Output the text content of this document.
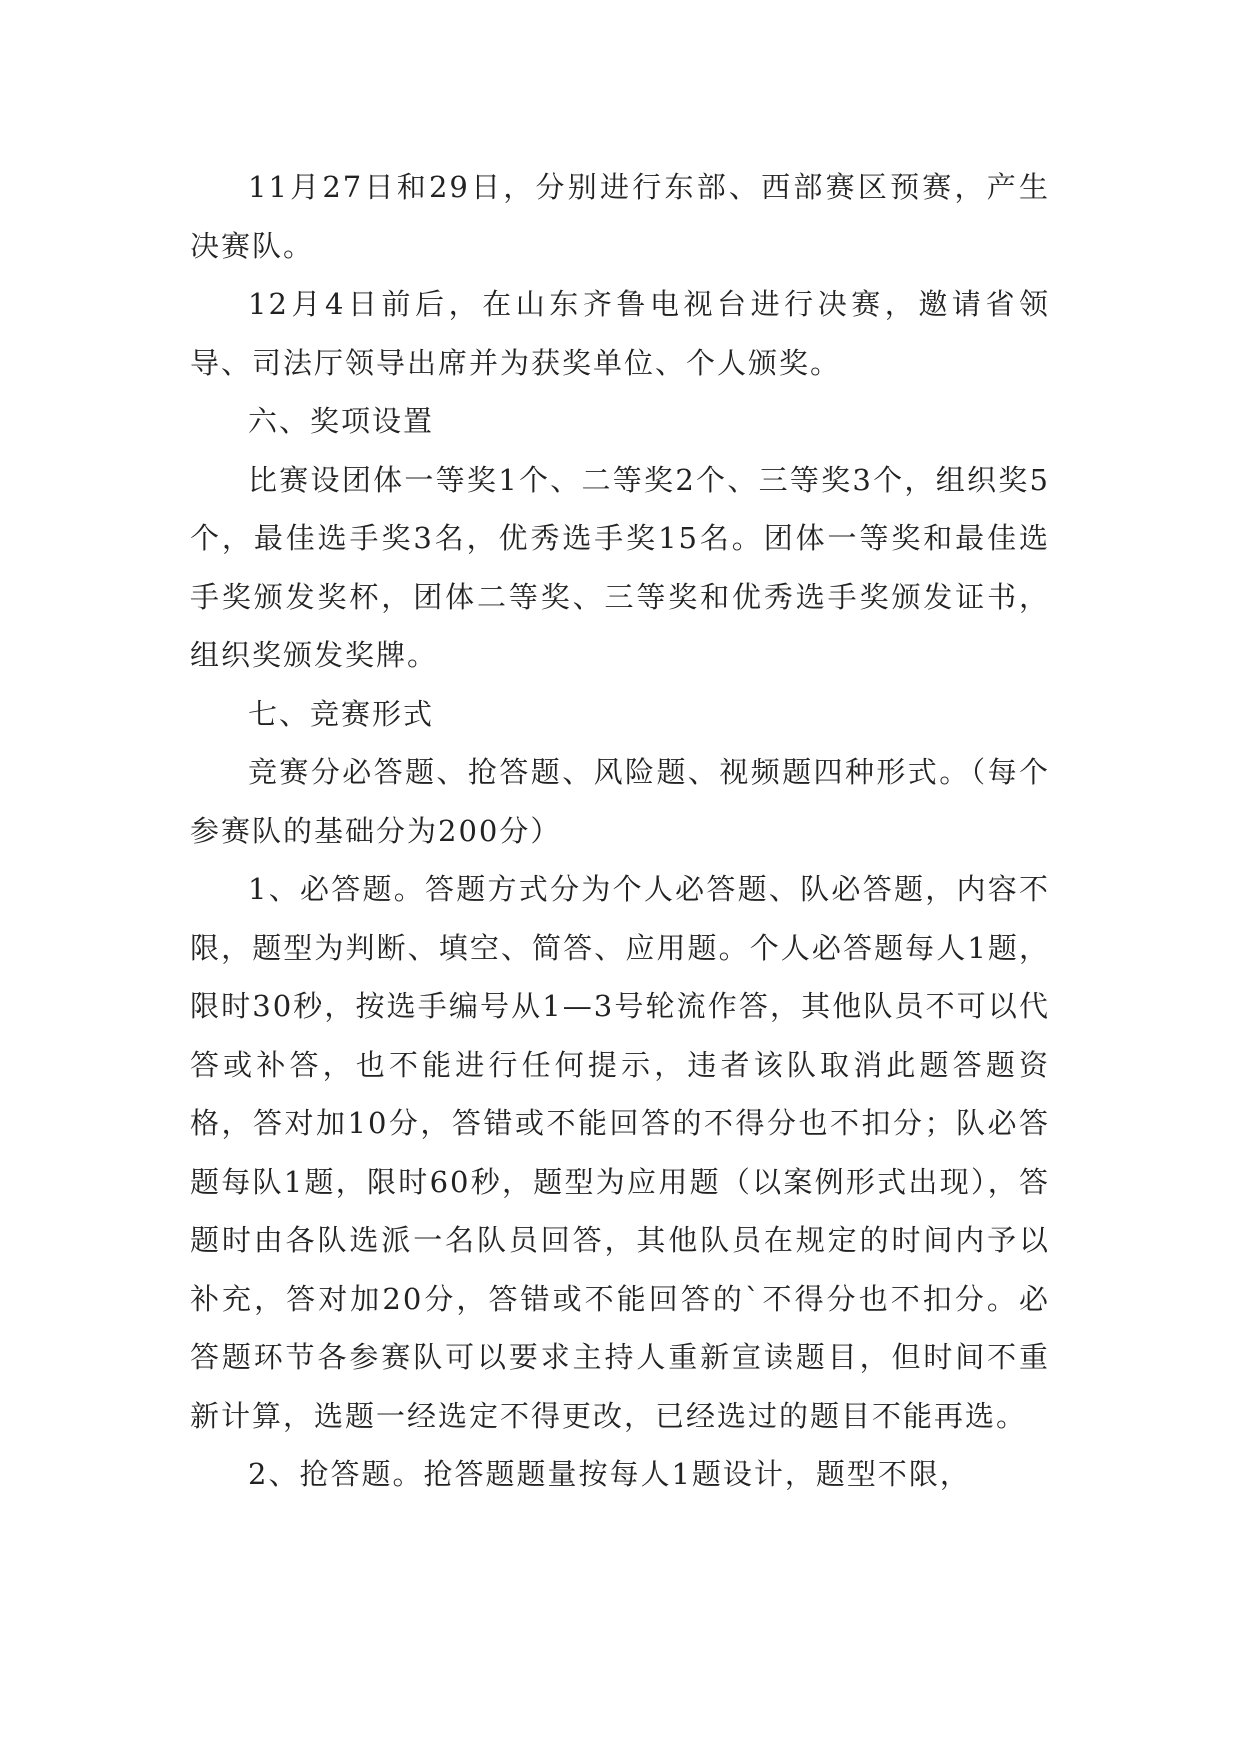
11月27日和29日，分别进行东部、西部赛区预赛，产生决赛队。

12月4日前后，在山东齐鲁电视台进行决赛，邀请省领导、司法厅领导出席并为获奖单位、个人颁奖。

六、奖项设置

比赛设团体一等奖1个、二等奖2个、三等奖3个，组织奖5个，最佳选手奖3名，优秀选手奖15名。团体一等奖和最佳选手奖颁发奖杯，团体二等奖、三等奖和优秀选手奖颁发证书，组织奖颁发奖牌。

七、竞赛形式

竞赛分必答题、抢答题、风险题、视频题四种形式。（每个参赛队的基础分为200分）

1、必答题。答题方式分为个人必答题、队必答题，内容不限，题型为判断、填空、简答、应用题。个人必答题每人1题，限时30秒，按选手编号从1—3号轮流作答，其他队员不可以代答或补答，也不能进行任何提示，违者该队取消此题答题资格，答对加10分，答错或不能回答的不得分也不扣分；队必答题每队1题，限时60秒，题型为应用题（以案例形式出现），答题时由各队选派一名队员回答，其他队员在规定的时间内予以补充，答对加20分，答错或不能回答的`不得分也不扣分。必答题环节各参赛队可以要求主持人重新宣读题目，但时间不重新计算，选题一经选定不得更改，已经选过的题目不能再选。

2、抢答题。抢答题题量按每人1题设计，题型不限，
